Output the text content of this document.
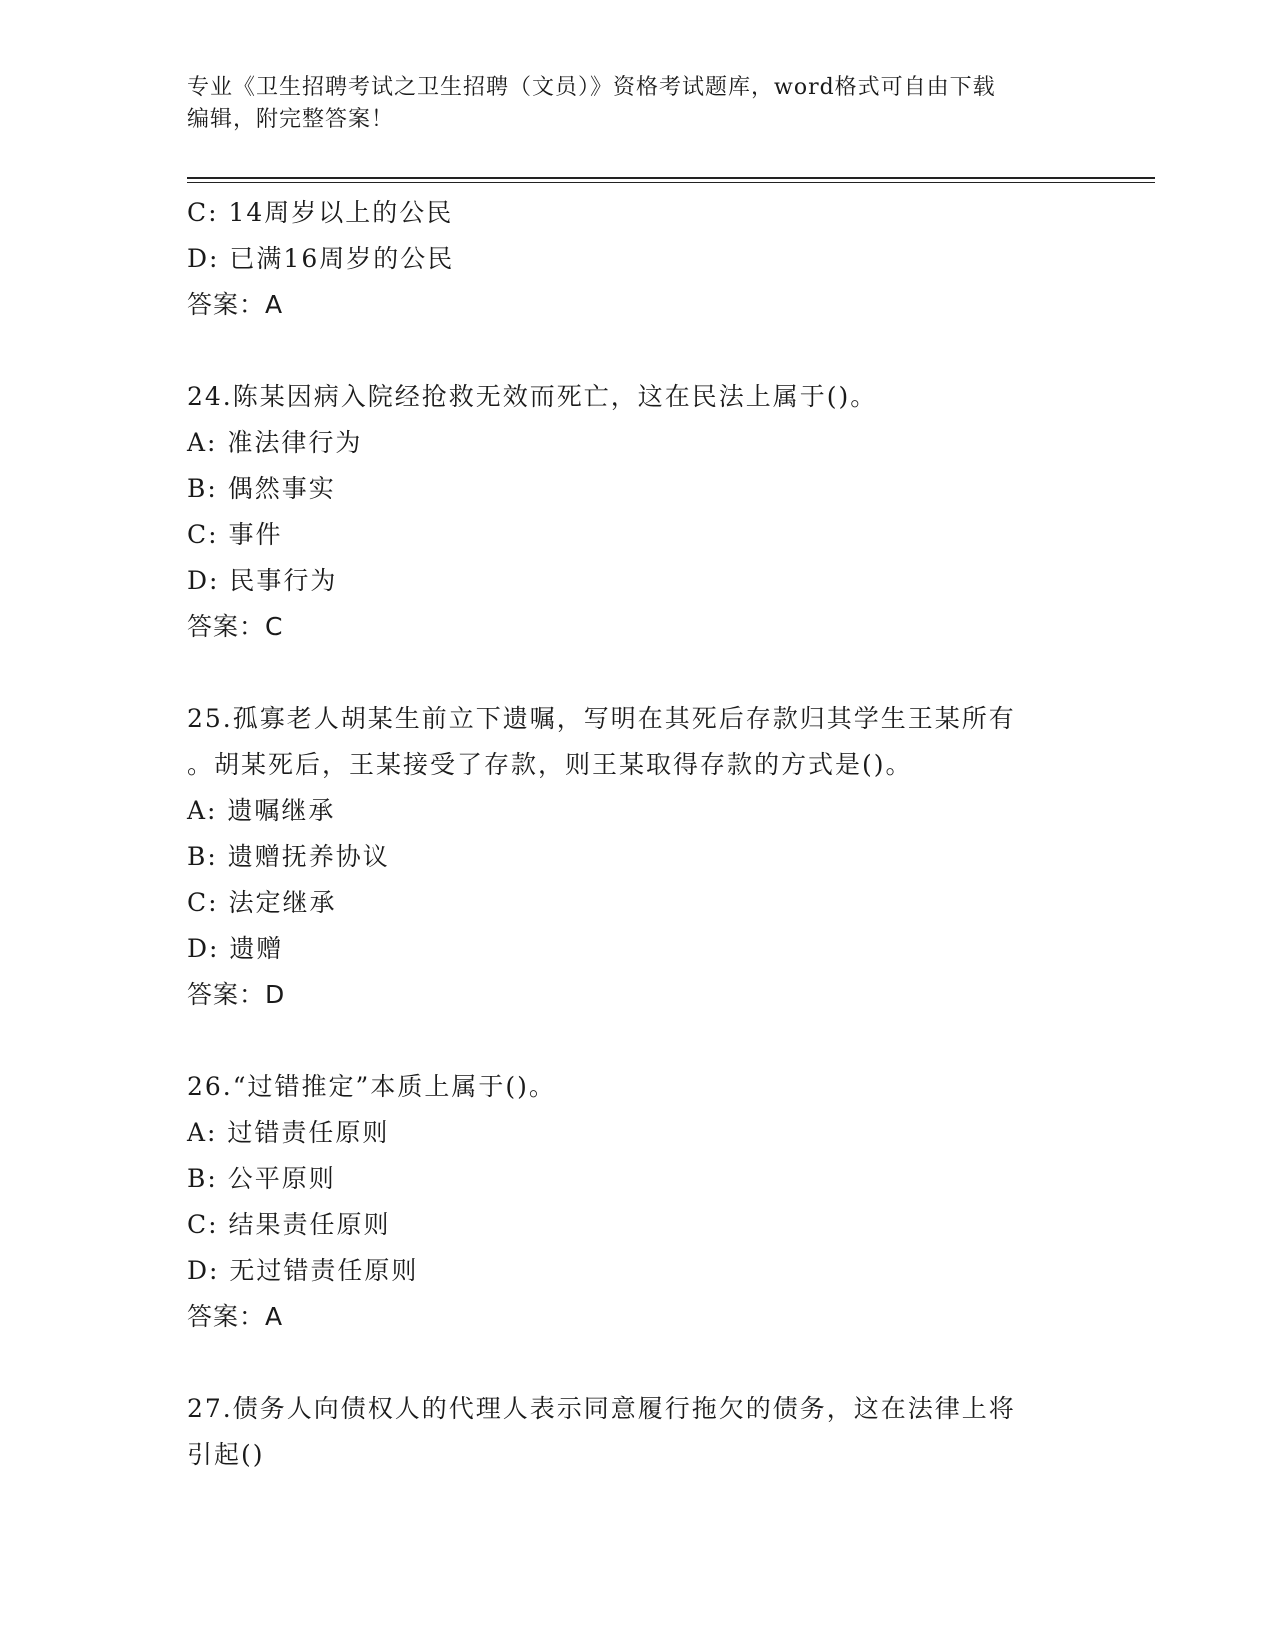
专业《卫生招聘考试之卫生招聘（文员）》资格考试题库，word格式可自由下载
编辑，附完整答案！
C: 14周岁以上的公民
D: 已满16周岁的公民
答案：A
24.陈某因病入院经抢救无效而死亡，这在民法上属于()。
A: 准法律行为
B: 偶然事实
C: 事件
D: 民事行为
答案：C
25.孤寡老人胡某生前立下遗嘱，写明在其死后存款归其学生王某所有
。胡某死后，王某接受了存款，则王某取得存款的方式是()。
A: 遗嘱继承
B: 遗赠抚养协议
C: 法定继承
D: 遗赠
答案：D
26.“过错推定”本质上属于()。
A: 过错责任原则
B: 公平原则
C: 结果责任原则
D: 无过错责任原则
答案：A
27.债务人向债权人的代理人表示同意履行拖欠的债务，这在法律上将
引起()
